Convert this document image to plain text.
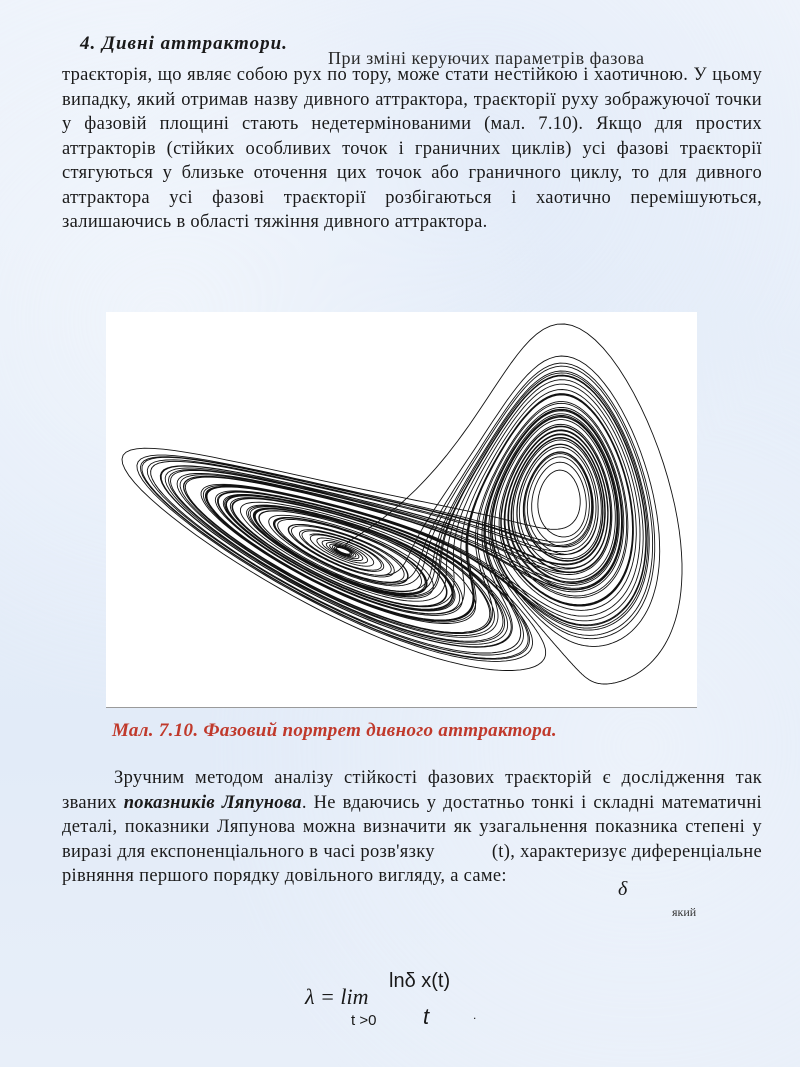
4. Дивні аттрактори.
При зміні керуючих параметрів фазова
траєкторія, що являє собою рух по тору, може стати нестійкою і хаотичною. У цьому випадку, який отримав назву дивного аттрактора, траєкторії руху зображуючої точки у фазовій площині стають недетермінованими (мал. 7.10). Якщо для простих аттракторів (стійких особливих точок і граничних циклів) усі фазові траєкторії стягуються у близьке оточення цих точок або граничного циклу, то для дивного аттрактора усі фазові траєкторії розбігаються і хаотично перемішуються, залишаючись в області тяжіння дивного аттрактора.
Мал. 7.10. Фазовий портрет дивного аттрактора.
Зручним методом аналізу стійкості фазових траєкторій є дослідження так званих показників Ляпунова. Не вдаючись у достатньо тонкі і складні математичні деталі, показники Ляпунова можна визначити як узагальнення показника степені у виразі для експоненціального в часі розв'язку	(t), характеризує диференціальне рівняння першого порядку довільного вигляду, а саме:
δ
який
λ = lim
lnδ x(t)
t
t >0	.
